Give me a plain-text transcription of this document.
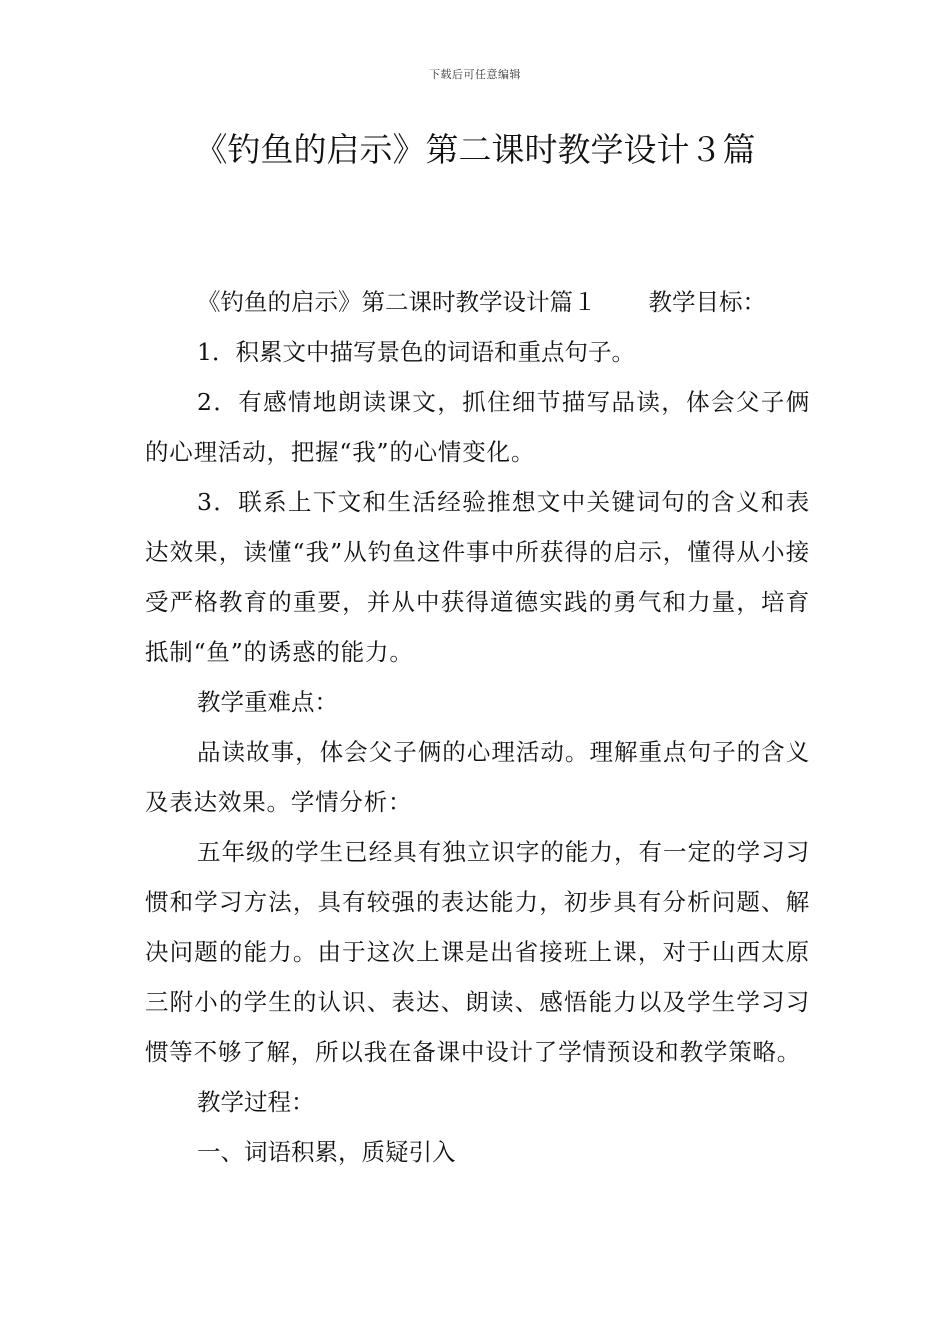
下载后可任意编辑
《钓鱼的启示》第二课时教学设计３篇

《钓鱼的启示》第二课时教学设计篇１ 教学目标：

1．积累文中描写景色的词语和重点句子。

2．有感情地朗读课文，抓住细节描写品读，体会父子俩的心理活动，把握“我”的心情变化。

3．联系上下文和生活经验推想文中关键词句的含义和表达效果，读懂“我”从钓鱼这件事中所获得的启示，懂得从小接受严格教育的重要，并从中获得道德实践的勇气和力量，培育抵制“鱼”的诱惑的能力。

教学重难点：

品读故事，体会父子俩的心理活动。理解重点句子的含义及表达效果。学情分析：

五年级的学生已经具有独立识字的能力，有一定的学习习惯和学习方法，具有较强的表达能力，初步具有分析问题、解决问题的能力。由于这次上课是出省接班上课，对于山西太原三附小的学生的认识、表达、朗读、感悟能力以及学生学习习惯等不够了解，所以我在备课中设计了学情预设和教学策略。

教学过程：

一、词语积累，质疑引入
